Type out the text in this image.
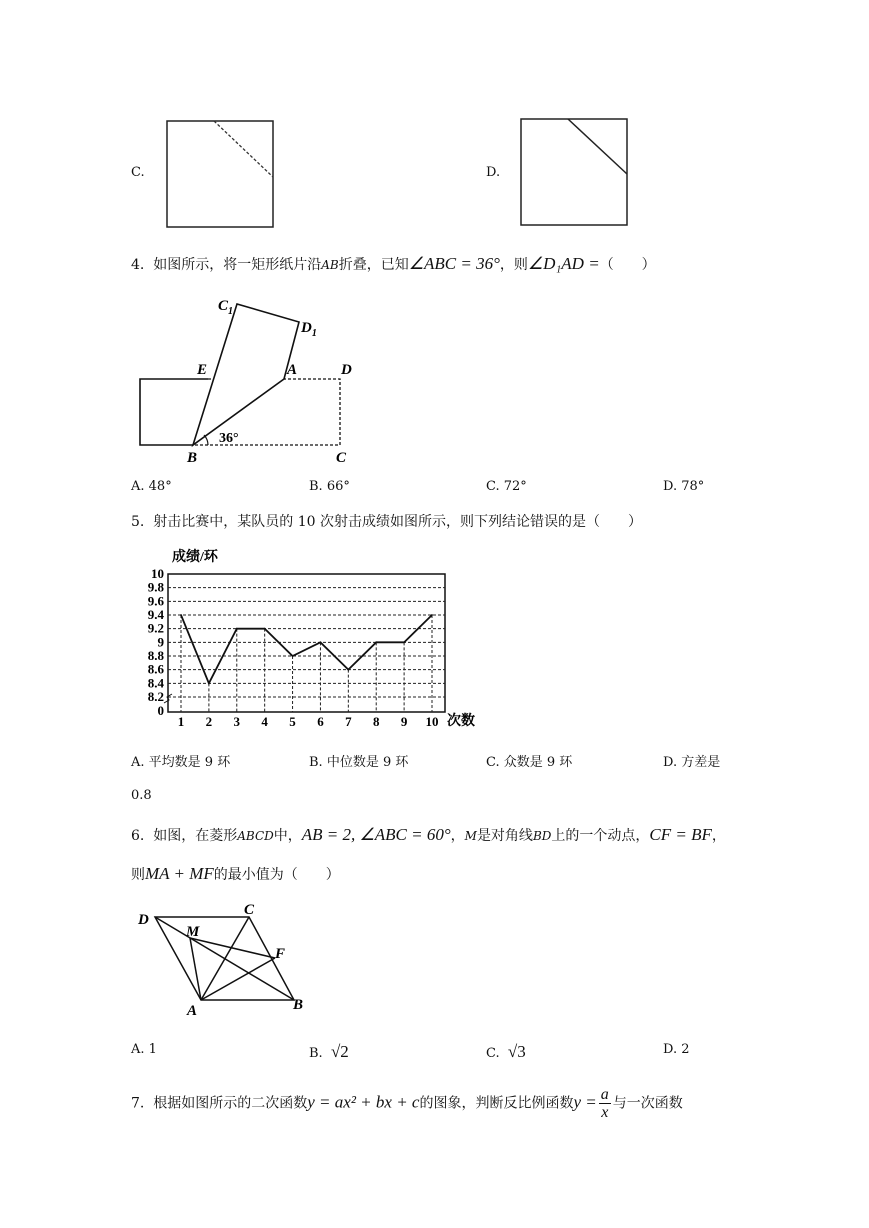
C.	D.
4. 如图所示，将一矩形纸片沿AB折叠，已知∠ABC = 36°，则∠D₁AD =（　　）
$C_1$
$D_1$
E	A	D
B	C
36°
A. 48°	B. 66°	C. 72°	D. 78°
5. 射击比赛中，某队员的 10 次射击成绩如图所示，则下列结论错误的是（　　）
成绩/环
次数
10
9.8
9.6
9.4
9.2
9
8.8
8.6
8.4
8.2
0
1 2 3 4 5 6 7 8 9 10
A. 平均数是 9 环	B. 中位数是 9 环	C. 众数是 9 环	D. 方差是
0.8
6. 如图，在菱形ABCD中，AB = 2, ∠ABC = 60°，M是对角线BD上的一个动点，CF = BF，
则MA + MF的最小值为（　　）
D
C
M
F
A	B
A. 1	B. √2	C. √3	D. 2
7. 根据如图所示的二次函数y = ax² + bx + c的图象，判断反比例函数$y = \frac{a}{x}$ 与一次函数
